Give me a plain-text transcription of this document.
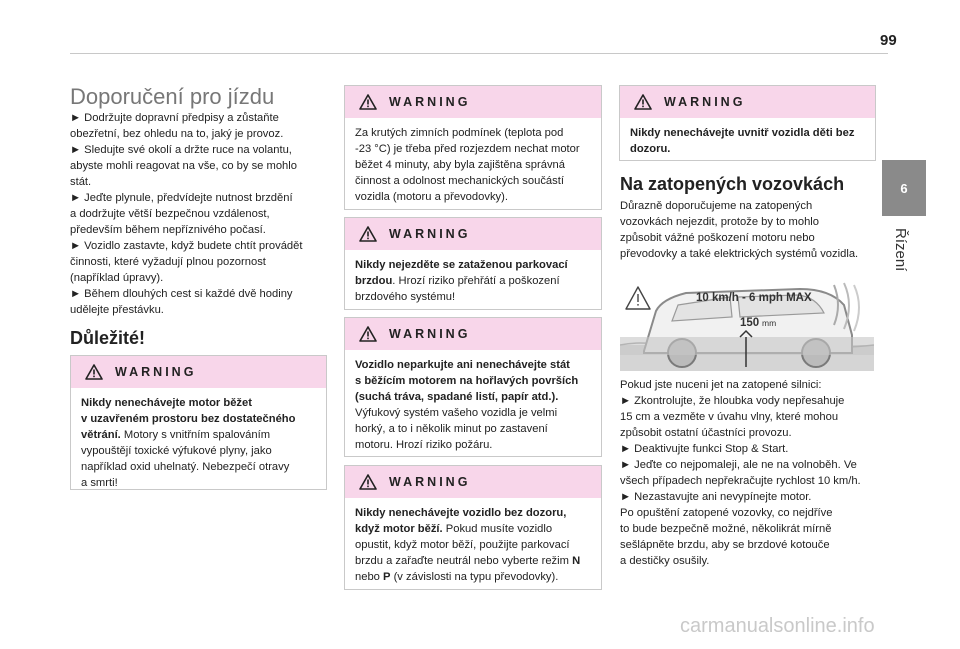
99
6
Řízení
Doporučení pro jízdu

► Dodržujte dopravní předpisy a zůstaňte
obezřetní, bez ohledu na to, jaký je provoz.

► Sledujte své okolí a držte ruce na volantu,
abyste mohli reagovat na vše, co by se mohlo
stát.

► Jeďte plynule, předvídejte nutnost brzdění
a dodržujte větší bezpečnou vzdálenost,
především během nepříznivého počasí.

► Vozidlo zastavte, když budete chtít provádět
činnosti, které vyžadují plnou pozornost
(například úpravy).

► Během dlouhých cest si každé dvě hodiny
udělejte přestávku.

Důležité!
WARNING

Nikdy nenechávejte motor běžet
v uzavřeném prostoru bez dostatečného
větrání. Motory s vnitřním spalováním
vypouštějí toxické výfukové plyny, jako
například oxid uhelnatý. Nebezpečí otravy
a smrti!

WARNING

Za krutých zimních podmínek (teplota pod
-23 °C) je třeba před rozjezdem nechat motor
běžet 4 minuty, aby byla zajištěna správná
činnost a odolnost mechanických součástí
vozidla (motoru a převodovky).

WARNING

Nikdy nejezděte se zataženou parkovací
brzdou. Hrozí riziko přehřátí a poškození
brzdového systému!

WARNING

Vozidlo neparkujte ani nenechávejte stát
s běžícím motorem na hořlavých površích
(suchá tráva, spadané listí, papír atd.).
Výfukový systém vašeho vozidla je velmi
horký, a to i několik minut po zastavení
motoru. Hrozí riziko požáru.

WARNING

Nikdy nenechávejte vozidlo bez dozoru,
když motor běží. Pokud musíte vozidlo
opustit, když motor běží, použijte parkovací
brzdu a zařaďte neutrál nebo vyberte režim N
nebo P (v závislosti na typu převodovky).

WARNING

Nikdy nenechávejte uvnitř vozidla děti bez
dozoru.

Na zatopených vozovkách

Důrazně doporučujeme na zatopených
vozovkách nejezdit, protože by to mohlo
způsobit vážné poškození motoru nebo
převodovky a také elektrických systémů vozidla.

10 km/h - 6 mph MAX
150 mm

Pokud jste nuceni jet na zatopené silnici:
► Zkontrolujte, že hloubka vody nepřesahuje
15 cm a vezměte v úvahu vlny, které mohou
způsobit ostatní účastníci provozu.
► Deaktivujte funkci Stop & Start.
► Jeďte co nejpomaleji, ale ne na volnoběh. Ve
všech případech nepřekračujte rychlost 10 km/h.
► Nezastavujte ani nevypínejte motor.
Po opuštění zatopené vozovky, co nejdříve
to bude bezpečně možné, několikrát mírně
sešlápněte brzdu, aby se brzdové kotouče
a destičky osušily.

carmanualsonline.info
